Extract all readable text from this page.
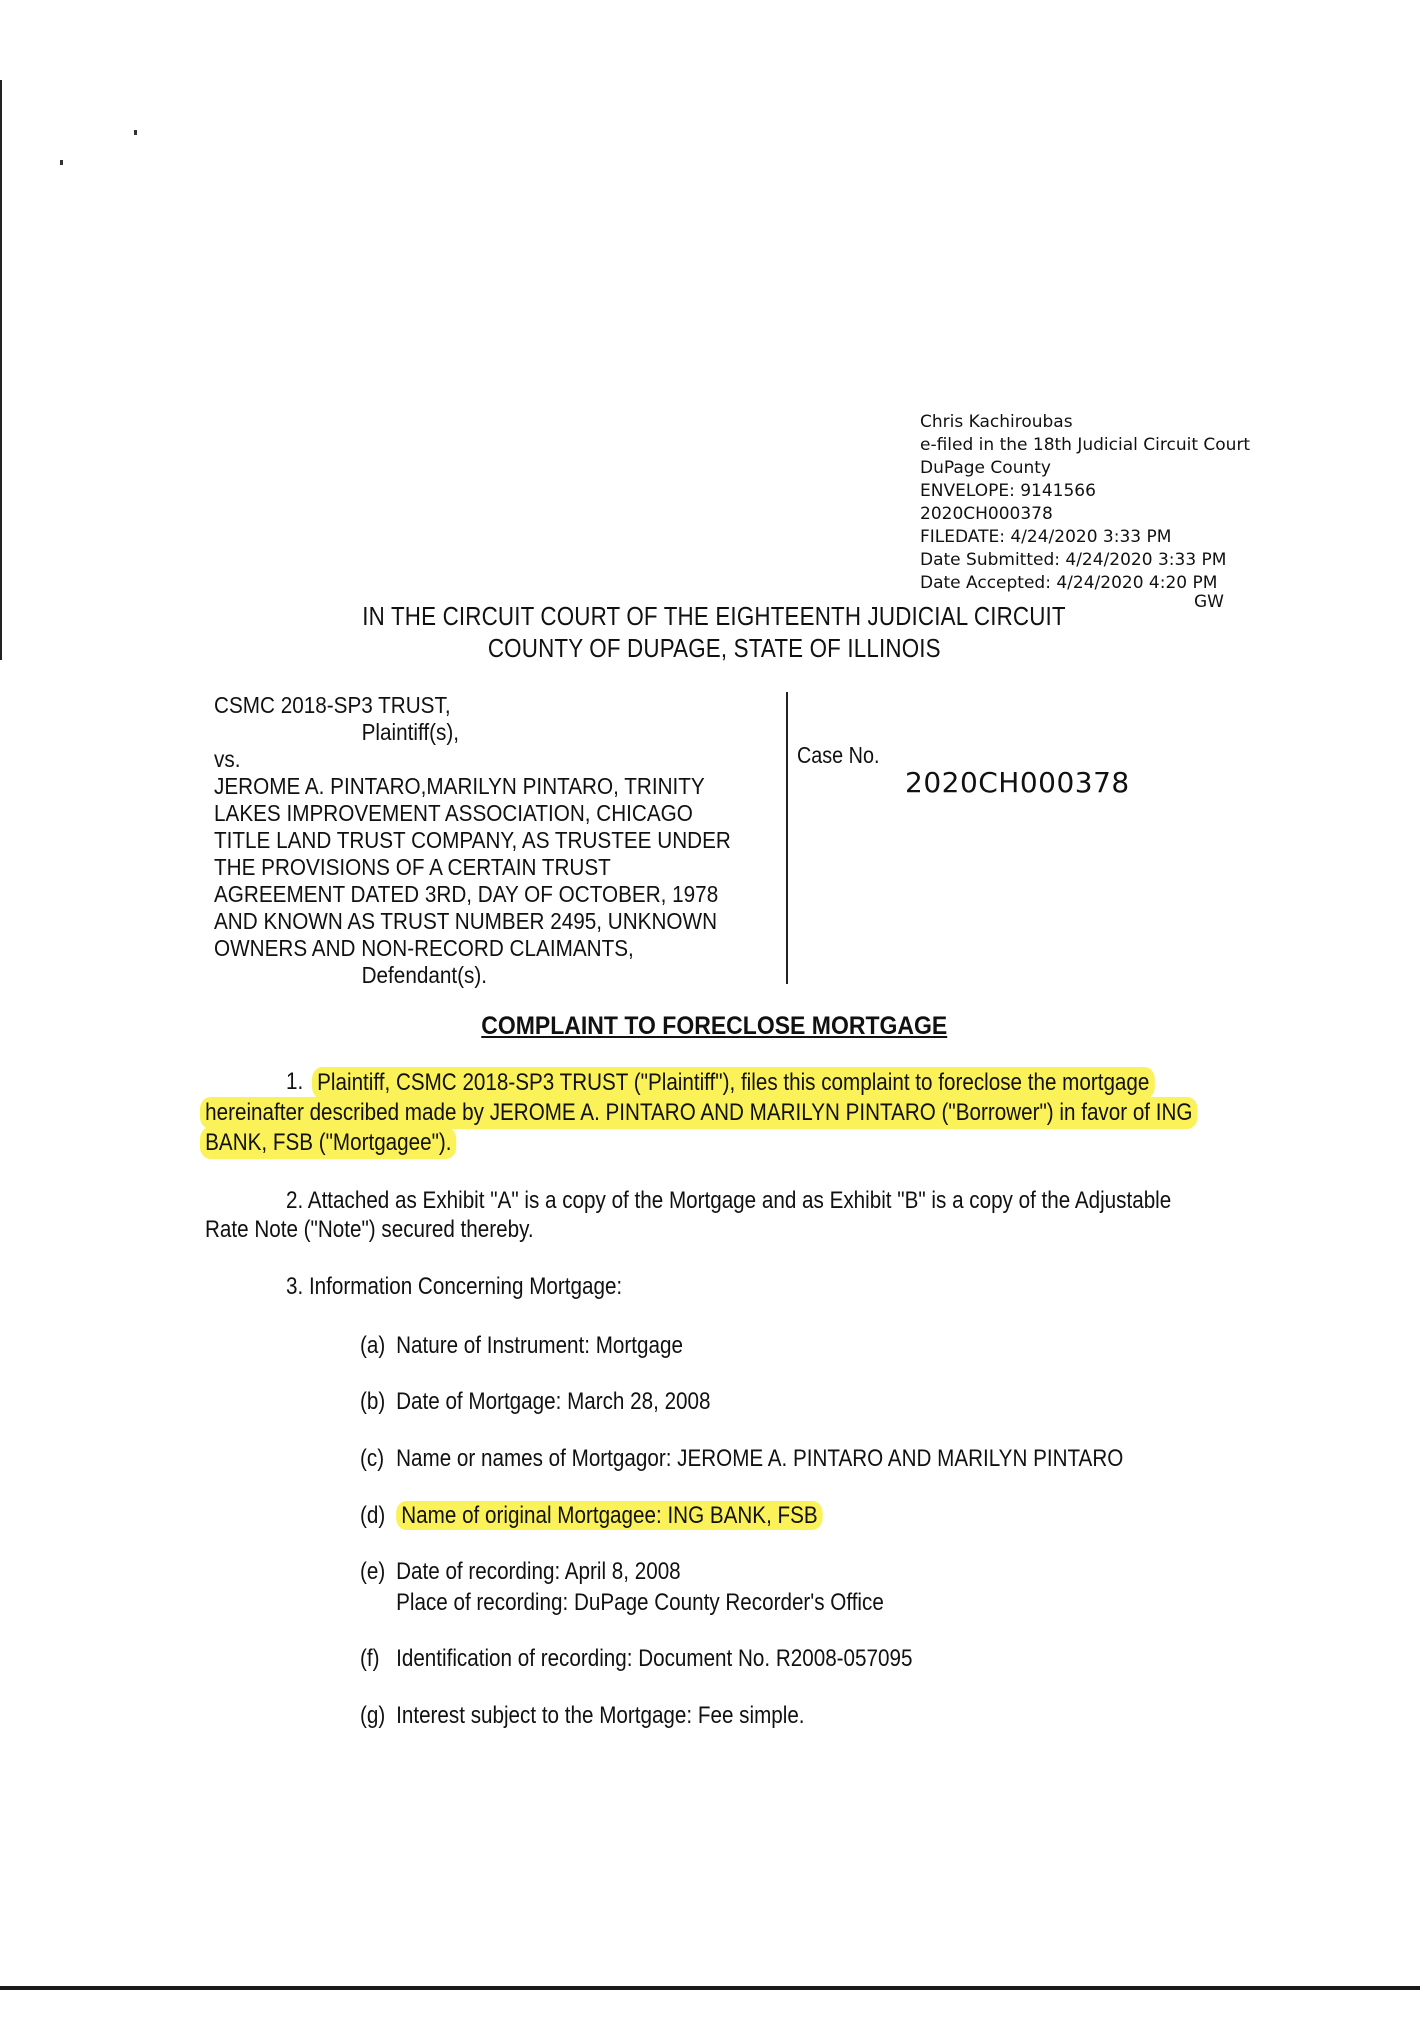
Chris Kachiroubas
e-filed in the 18th Judicial Circuit Court
DuPage County
ENVELOPE: 9141566
2020CH000378
FILEDATE: 4/24/2020 3:33 PM
Date Submitted: 4/24/2020 3:33 PM
Date Accepted: 4/24/2020 4:20 PM
GW
IN THE CIRCUIT COURT OF THE EIGHTEENTH JUDICIAL CIRCUIT
COUNTY OF DUPAGE, STATE OF ILLINOIS
CSMC 2018-SP3 TRUST,
Plaintiff(s),
vs.
JEROME A. PINTARO,MARILYN PINTARO, TRINITY
LAKES IMPROVEMENT ASSOCIATION, CHICAGO
TITLE LAND TRUST COMPANY, AS TRUSTEE UNDER
THE PROVISIONS OF A CERTAIN TRUST
AGREEMENT DATED 3RD, DAY OF OCTOBER, 1978
AND KNOWN AS TRUST NUMBER 2495, UNKNOWN
OWNERS AND NON-RECORD CLAIMANTS,
Defendant(s).
Case No.
2020CH000378
COMPLAINT TO FORECLOSE MORTGAGE
1. Plaintiff, CSMC 2018-SP3 TRUST ("Plaintiff"), files this complaint to foreclose the mortgage
hereinafter described made by JEROME A. PINTARO AND MARILYN PINTARO ("Borrower") in favor of ING
BANK, FSB ("Mortgagee").
2. Attached as Exhibit "A" is a copy of the Mortgage and as Exhibit "B" is a copy of the Adjustable
Rate Note ("Note") secured thereby.
3. Information Concerning Mortgage:
(a) Nature of Instrument: Mortgage
(b) Date of Mortgage: March 28, 2008
(c) Name or names of Mortgagor: JEROME A. PINTARO AND MARILYN PINTARO
(d) Name of original Mortgagee: ING BANK, FSB
(e) Date of recording: April 8, 2008
Place of recording: DuPage County Recorder's Office
(f) Identification of recording: Document No. R2008-057095
(g) Interest subject to the Mortgage: Fee simple.
